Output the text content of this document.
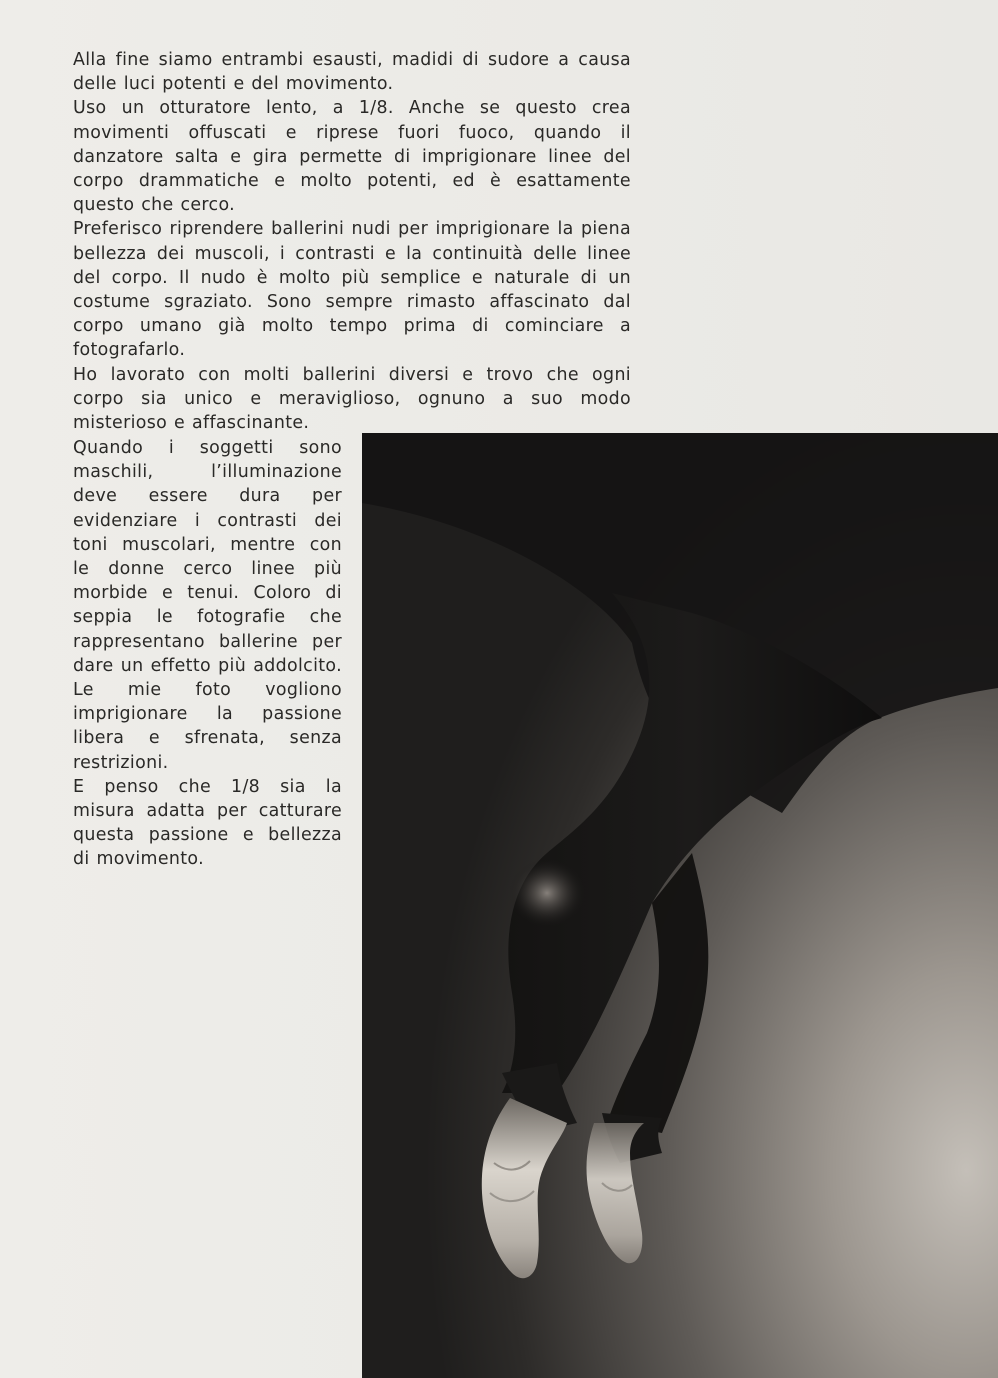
Alla fine siamo entrambi esausti, madidi di sudore a causa delle luci potenti e del movimento.

Uso un otturatore lento, a 1/8. Anche se questo crea movimenti offuscati e riprese fuori fuoco, quando il danzatore salta e gira permette di imprigionare linee del corpo drammatiche e molto potenti, ed è esattamente questo che cerco.

Preferisco riprendere ballerini nudi per imprigionare la piena bellezza dei muscoli, i contrasti e la continuità delle linee del corpo. Il nudo è molto più semplice e naturale di un costume sgraziato. Sono sempre rimasto affascinato dal corpo umano già molto tempo prima di cominciare a fotografarlo.

Ho lavorato con molti ballerini diversi e trovo che ogni corpo sia unico e meraviglioso, ognuno a suo modo misterioso e affascinante.

Quando i soggetti sono maschili, l’illuminazione deve essere dura per evidenziare i contrasti dei toni muscolari, mentre con le donne cerco linee più morbide e tenui. Coloro di seppia le fotografie che rappresentano ballerine per dare un effetto più addolcito. Le mie foto vogliono imprigionare la passione libera e sfrenata, senza restrizioni.

E penso che 1/8 sia la misura adatta per catturare questa passione e bellezza di movimento.
